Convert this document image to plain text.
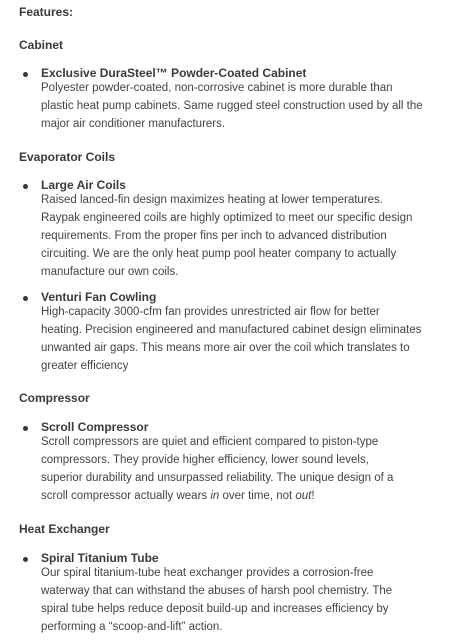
Features:
Cabinet
Exclusive DuraSteel™ Powder-Coated Cabinet
Polyester powder-coated, non-corrosive cabinet is more durable than
plastic heat pump cabinets. Same rugged steel construction used by all the
major air conditioner manufacturers.
Evaporator Coils
Large Air Coils
Raised lanced-fin design maximizes heating at lower temperatures.
Raypak engineered coils are highly optimized to meet our specific design
requirements. From the proper fins per inch to advanced distribution
circuiting. We are the only heat pump pool heater company to actually
manufacture our own coils.
Venturi Fan Cowling
High-capacity 3000-cfm fan provides unrestricted air flow for better
heating. Precision engineered and manufactured cabinet design eliminates
unwanted air gaps. This means more air over the coil which translates to
greater efficiency
Compressor
Scroll Compressor
Scroll compressors are quiet and efficient compared to piston-type
compressors. They provide higher efficiency, lower sound levels,
superior durability and unsurpassed reliability. The unique design of a
scroll compressor actually wears in over time, not out!
Heat Exchanger
Spiral Titanium Tube
Our spiral titanium-tube heat exchanger provides a corrosion-free
waterway that can withstand the abuses of harsh pool chemistry. The
spiral tube helps reduce deposit build-up and increases efficiency by
performing a “scoop-and-lift” action.
